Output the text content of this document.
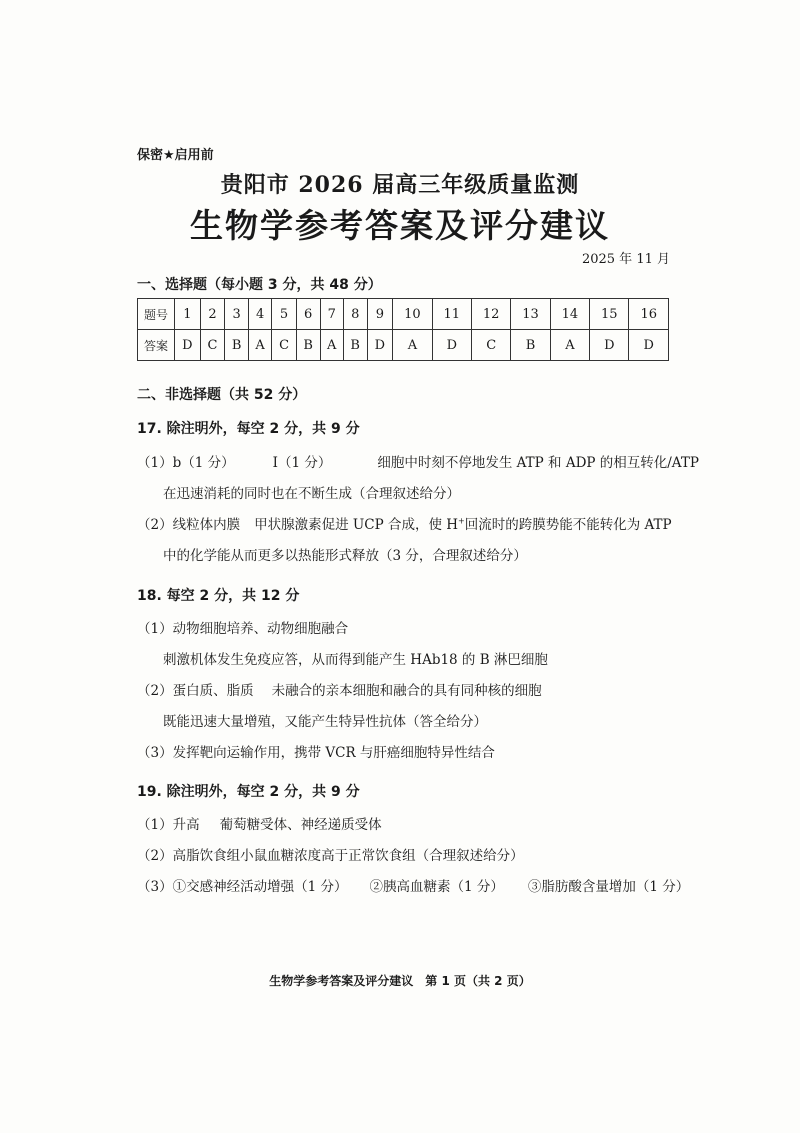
保密★启用前
贵阳市 2026 届高三年级质量监测
生物学参考答案及评分建议
2025 年 11 月
一、选择题（每小题 3 分，共 48 分）
题号	1	2	3	4	5	6	7	8	9	10	11	12	13	14	15	16
答案	D	C	B	A	C	B	A	B	D	A	D	C	B	A	D	D
二、非选择题（共 52 分）
17. 除注明外，每空 2 分，共 9 分
（1）b（1 分）	Ⅰ（1 分）	细胞中时刻不停地发生 ATP 和 ADP 的相互转化/ATP
在迅速消耗的同时也在不断生成（合理叙述给分）
（2）线粒体内膜 甲状腺激素促进 UCP 合成，使 H+回流时的跨膜势能不能转化为 ATP
中的化学能从而更多以热能形式释放（3 分，合理叙述给分）
18. 每空 2 分，共 12 分
（1）动物细胞培养、动物细胞融合
刺激机体发生免疫应答，从而得到能产生 HAb18 的 B 淋巴细胞
（2）蛋白质、脂质 未融合的亲本细胞和融合的具有同种核的细胞
既能迅速大量增殖，又能产生特异性抗体（答全给分）
（3）发挥靶向运输作用，携带 VCR 与肝癌细胞特异性结合
19. 除注明外，每空 2 分，共 9 分
（1）升高 葡萄糖受体、神经递质受体
（2）高脂饮食组小鼠血糖浓度高于正常饮食组（合理叙述给分）
（3）①交感神经活动增强（1 分） ②胰高血糖素（1 分） ③脂肪酸含量增加（1 分）
生物学参考答案及评分建议　第 1 页（共 2 页）
